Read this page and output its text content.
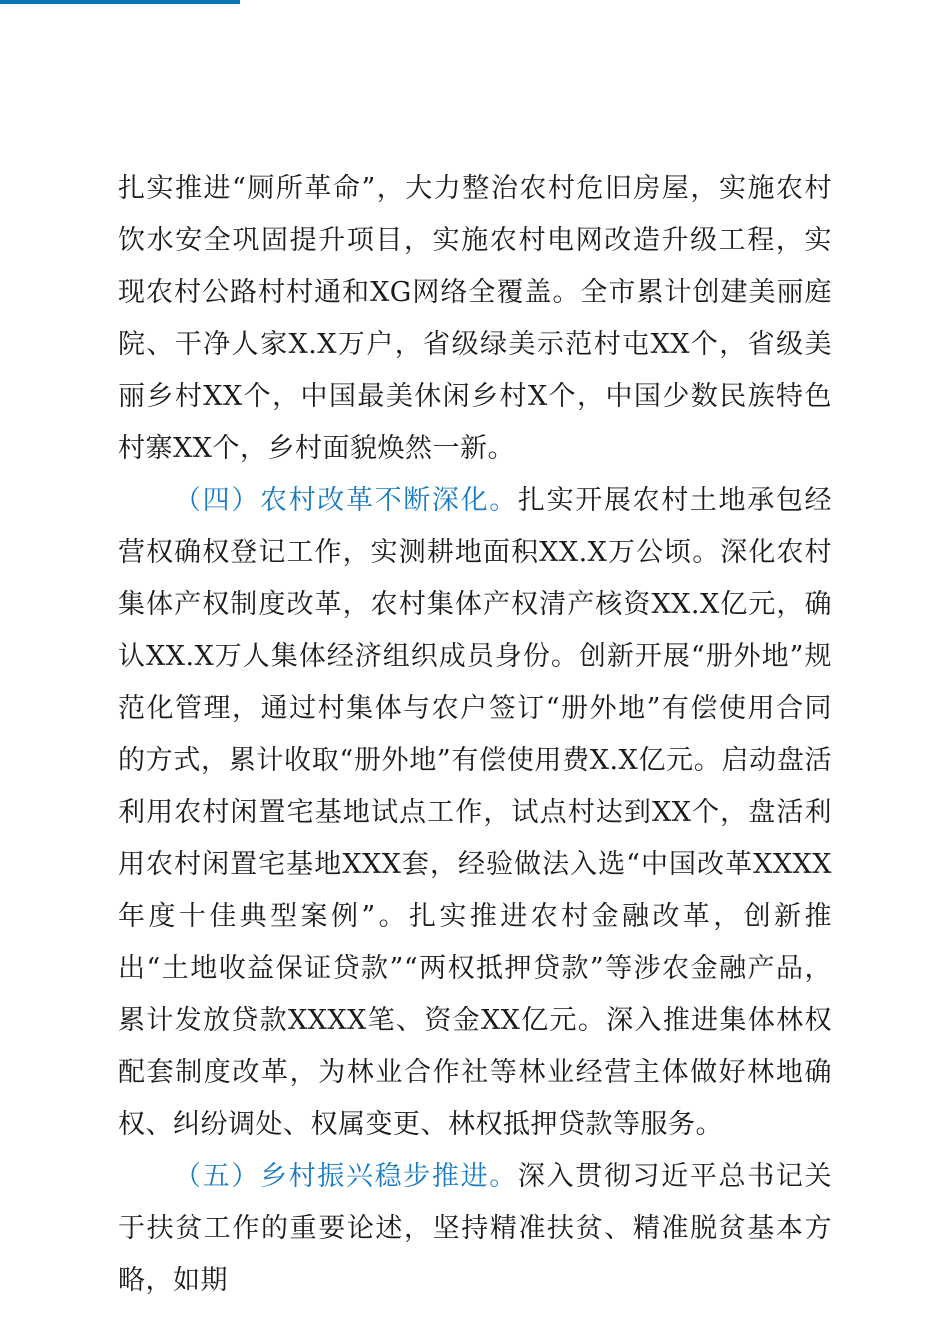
扎实推进“厕所革命”，大力整治农村危旧房屋，实施农村饮水安全巩固提升项目，实施农村电网改造升级工程，实现农村公路村村通和XG网络全覆盖。全市累计创建美丽庭院、干净人家X.X万户，省级绿美示范村屯XX个，省级美丽乡村XX个，中国最美休闲乡村X个，中国少数民族特色村寨XX个，乡村面貌焕然一新。

（四）农村改革不断深化。扎实开展农村土地承包经营权确权登记工作，实测耕地面积XX.X万公顷。深化农村集体产权制度改革，农村集体产权清产核资XX.X亿元，确认XX.X万人集体经济组织成员身份。创新开展“册外地”规范化管理，通过村集体与农户签订“册外地”有偿使用合同的方式，累计收取“册外地”有偿使用费X.X亿元。启动盘活利用农村闲置宅基地试点工作，试点村达到XX个，盘活利用农村闲置宅基地XXX套，经验做法入选“中国改革XXXX年度十佳典型案例”。扎实推进农村金融改革，创新推出“土地收益保证贷款”“两权抵押贷款”等涉农金融产品，累计发放贷款XXXX笔、资金XX亿元。深入推进集体林权配套制度改革，为林业合作社等林业经营主体做好林地确权、纠纷调处、权属变更、林权抵押贷款等服务。

（五）乡村振兴稳步推进。深入贯彻习近平总书记关于扶贫工作的重要论述，坚持精准扶贫、精准脱贫基本方略，如期
